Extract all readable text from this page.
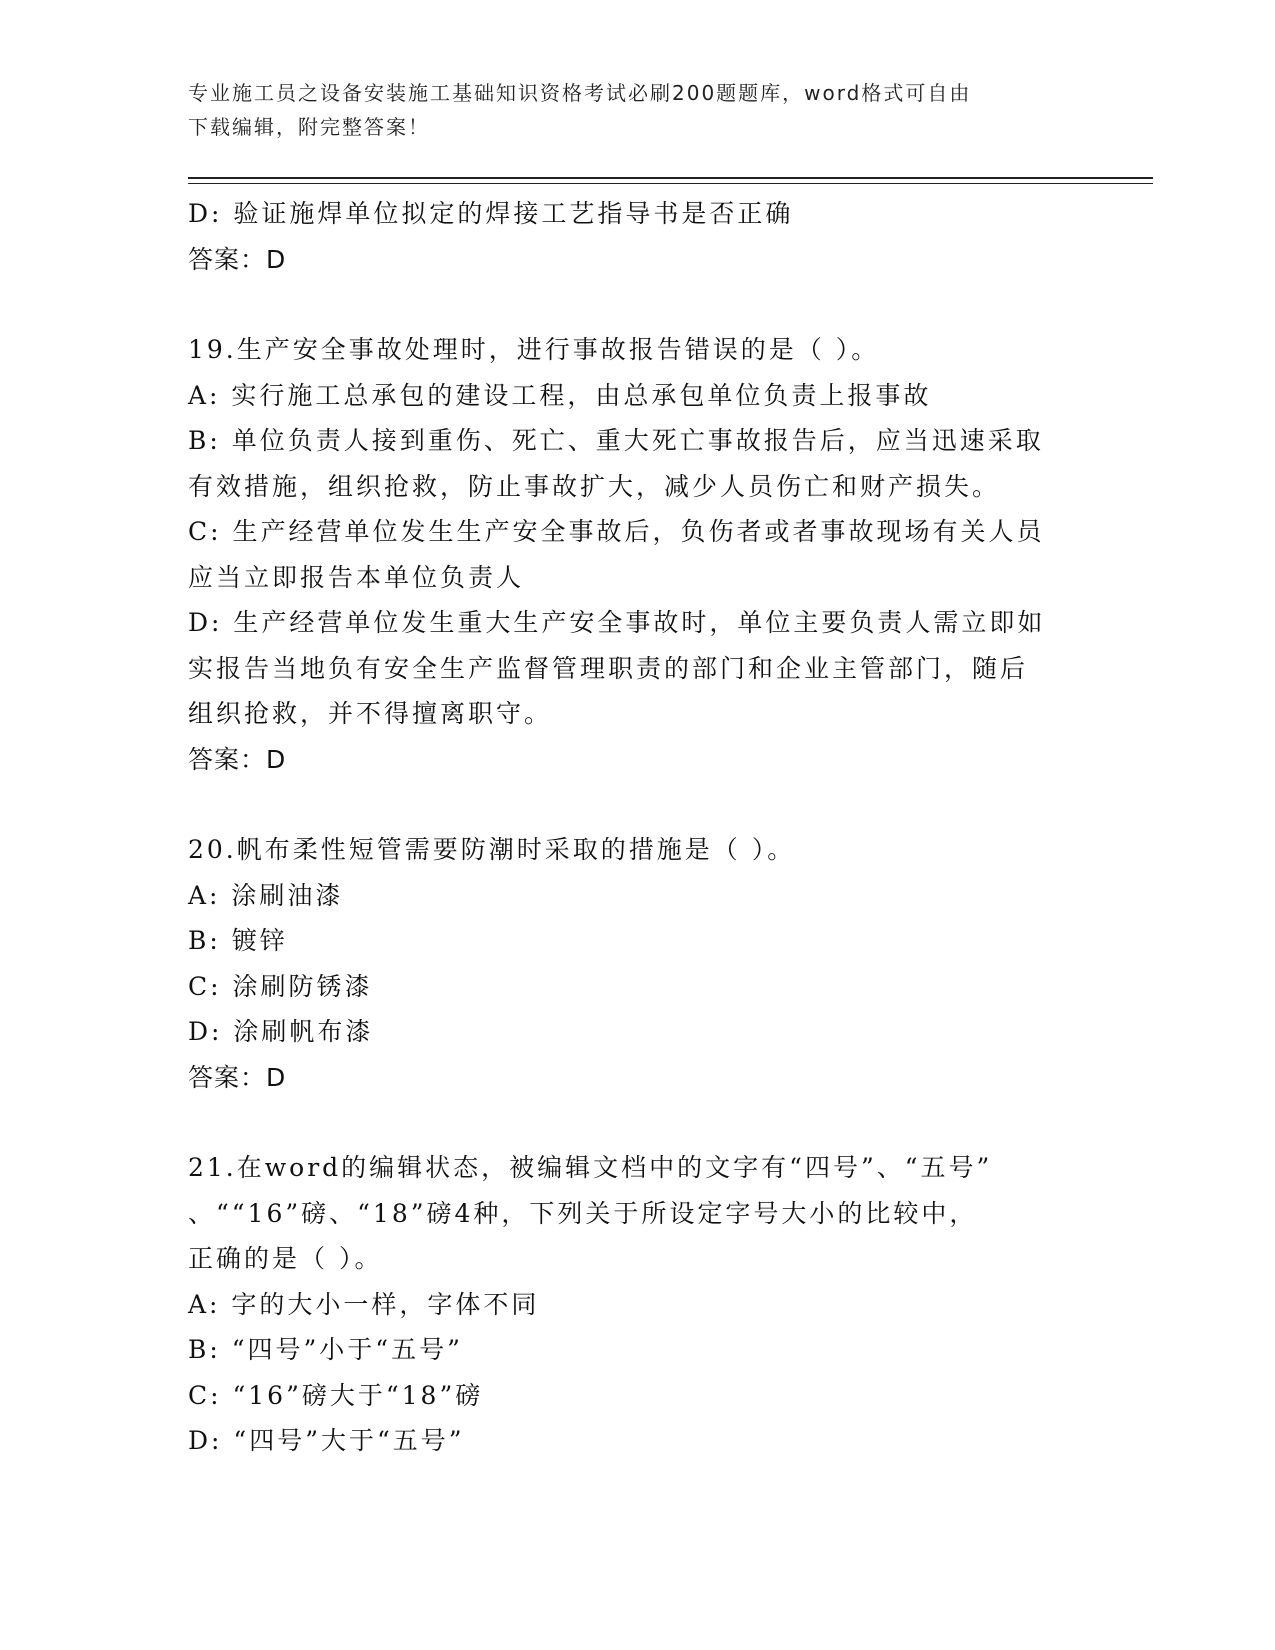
专业施工员之设备安装施工基础知识资格考试必刷200题题库，word格式可自由
下载编辑，附完整答案！
D: 验证施焊单位拟定的焊接工艺指导书是否正确
答案：D
19.生产安全事故处理时，进行事故报告错误的是（ ）。
A: 实行施工总承包的建设工程，由总承包单位负责上报事故
B: 单位负责人接到重伤、死亡、重大死亡事故报告后，应当迅速采取
有效措施，组织抢救，防止事故扩大，减少人员伤亡和财产损失。
C: 生产经营单位发生生产安全事故后，负伤者或者事故现场有关人员
应当立即报告本单位负责人
D: 生产经营单位发生重大生产安全事故时，单位主要负责人需立即如
实报告当地负有安全生产监督管理职责的部门和企业主管部门，随后
组织抢救，并不得擅离职守。
答案：D
20.帆布柔性短管需要防潮时采取的措施是（ ）。
A: 涂刷油漆
B: 镀锌
C: 涂刷防锈漆
D: 涂刷帆布漆
答案：D
21.在word的编辑状态，被编辑文档中的文字有“四号”、“五号”
、““16”磅、“18”磅4种，下列关于所设定字号大小的比较中，
正确的是（ ）。
A: 字的大小一样，字体不同
B: “四号”小于“五号”
C: “16”磅大于“18”磅
D: “四号”大于“五号”
